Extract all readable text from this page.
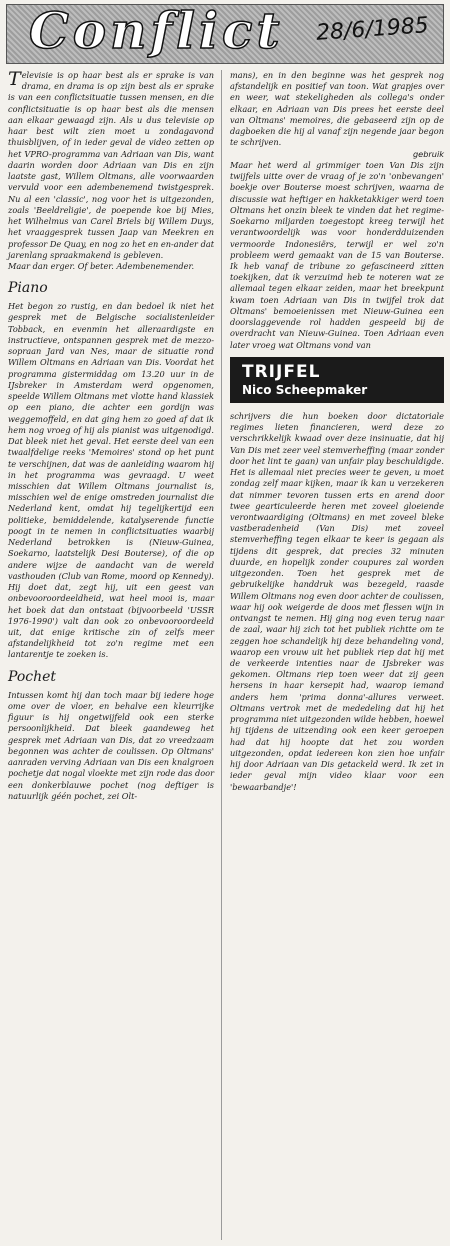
Conflict 28/6/1985

Televisie is op haar best als er sprake is van drama, en drama is op zijn best als er sprake is van een conflictsituatie tussen mensen, en die conflictsituatie is op haar best als die mensen aan elkaar gewaagd zijn. Als u dus televisie op haar best wilt zien moet u zondagavond thuisblijven, of in ieder geval de video zetten op het VPRO-programma van Adriaan van Dis, want daarin worden door Adriaan van Dis en zijn laatste gast, Willem Oltmans, alle voorwaarden vervuld voor een adembenemend twistgesprek. Nu al een 'classic', nog voor het is uitgezonden, zoals 'Beeldreligie', de poepende koe bij Mies, het Wilhelmus van Carel Briels bij Willem Duys, het vraaggesprek tussen Jaap van Meekren en professor De Quay, en nog zo het en en-ander dat jarenlang spraakmakend is gebleven.

Maar dan erger. Of beter. Adembenemender.

Piano

Het begon zo rustig, en dan bedoel ik niet het gesprek met de Belgische socialistenleider Tobback, en evenmin het alleraardigste en instructieve, ontspannen gesprek met de mezzo-sopraan Jard van Nes, maar de situatie rond Willem Oltmans en Adriaan van Dis. Voordat het programma gistermiddag om 13.20 uur in de IJsbreker in Amsterdam werd opgenomen, speelde Willem Oltmans met vlotte hand klassiek op een piano, die achter een gordijn was weggemoffeld, en dat ging hem zo goed af dat ik hem nog vroeg of hij als pianist was uitgenodigd. Dat bleek niet het geval. Het eerste deel van een twaalfdelige reeks 'Memoires' stond op het punt te verschijnen, dat was de aanleiding waarom hij in het programma was gevraagd. U weet misschien dat Willem Oltmans journalist is, misschien wel de enige omstreden journalist die Nederland kent, omdat hij tegelijkertijd een politieke, bemiddelende, katalyserende functie poogt in te nemen in conflictsituaties waarbij Nederland betrokken is (Nieuw-Guinea, Soekarno, laatstelijk Desi Bouterse), of die op andere wijze de aandacht van de wereld vasthouden (Club van Rome, moord op Kennedy). Hij doet dat, zegt hij, uit een geest van onbevooroordeeldheid, wat heel mooi is, maar het boek dat dan ontstaat (bijvoorbeeld 'USSR 1976-1990') valt dan ook zo onbevooroordeeld uit, dat enige kritische zin of zelfs meer afstandelijkheid tot zo'n regime met een lantarentje te zoeken is.

Pochet

Intussen komt hij dan toch maar bij iedere hoge ome over de vloer, en behalve een kleurrijke figuur is hij ongetwijfeld ook een sterke persoonlijkheid. Dat bleek gaandeweg het gesprek met Adriaan van Dis, dat zo vreedzaam begonnen was achter de coulissen. Op Oltmans' aanraden verving Adriaan van Dis een knalgroen pochetje dat nogal vloekte met zijn rode das door een donkerblauwe pochet (nog deftiger is natuurlijk géén pochet, zei Olt-

mans), en in den beginne was het gesprek nog afstandelijk en positief van toon. Wat grapjes over en weer, wat stekeligheden als collega's onder elkaar, en Adriaan van Dis prees het eerste deel van Oltmans' memoires, die gebaseerd zijn op de dagboeken die hij al vanaf zijn negende jaar begon te schrijven.

gebruik

Maar het werd al grimmiger toen Van Dis zijn twijfels uitte over de vraag of je zo'n 'onbevangen' boekje over Bouterse moest schrijven, waarna de discussie wat heftiger en hakketakkiger werd toen Oltmans het onzin bleek te vinden dat het regime-Soekarno miljarden toegestopt kreeg terwijl het verantwoordelijk was voor honderdduizenden vermoorde Indonesiërs, terwijl er wel zo'n probleem werd gemaakt van de 15 van Bouterse. Ik heb vanaf de tribune zo gefascineerd zitten toekijken, dat ik verzuimd heb te noteren wat ze allemaal tegen elkaar zeiden, maar het breekpunt kwam toen Adriaan van Dis in twijfel trok dat Oltmans' bemoeienissen met Nieuw-Guinea een doorslaggevende rol hadden gespeeld bij de overdracht van Nieuw-Guinea. Toen Adriaan even later vroeg wat Oltmans vond van

TRIJFEL
Nico Scheepmaker

schrijvers die hun boeken door dictatoriale regimes lieten financieren, werd deze zo verschrikkelijk kwaad over deze insinuatie, dat hij Van Dis met zeer veel stemverheffing (maar zonder door het lint te gaan) van unfair play beschuldigde. Het is allemaal niet precies weer te geven, u moet zondag zelf maar kijken, maar ik kan u verzekeren dat nimmer tevoren tussen erts en arend door twee gearticuleerde heren met zoveel gloeiende verontwaardiging (Oltmans) en met zoveel bleke vastberadenheid (Van Dis) met zoveel stemverheffing tegen elkaar te keer is gegaan als tijdens dit gesprek, dat precies 32 minuten duurde, en hopelijk zonder coupures zal worden uitgezonden. Toen het gesprek met de gebruikelijke handdruk was bezegeld, raasde Willem Oltmans nog even door achter de coulissen, waar hij ook weigerde de doos met flessen wijn in ontvangst te nemen. Hij ging nog even terug naar de zaal, waar hij zich tot het publiek richtte om te zeggen hoe schandelijk hij deze behandeling vond, waarop een vrouw uit het publiek riep dat hij met de verkeerde intenties naar de IJsbreker was gekomen. Oltmans riep toen weer dat zij geen hersens in haar kersepit had, waarop iemand anders hem 'prima donna'-allures verweet. Oltmans vertrok met de mededeling dat hij het programma niet uitgezonden wilde hebben, hoewel hij tijdens de uitzending ook een keer geroepen had dat hij hoopte dat het zou worden uitgezonden, opdat iedereen kon zien hoe unfair hij door Adriaan van Dis getackeld werd. Ik zet in ieder geval mijn video klaar voor een 'bewaarbandje'!
